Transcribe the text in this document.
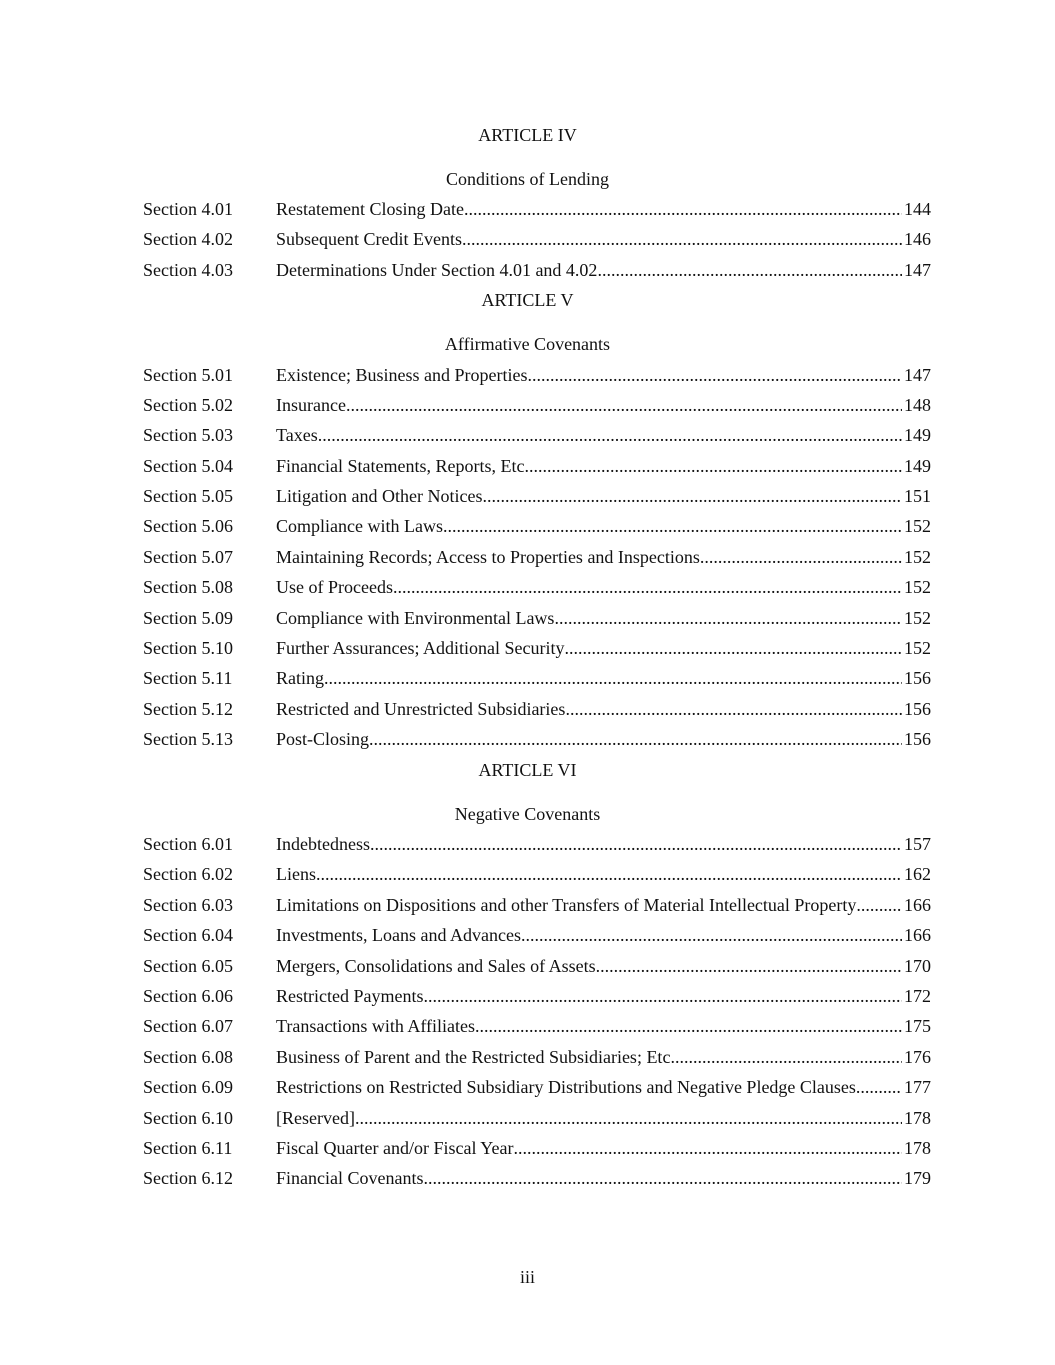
ARTICLE IV
Conditions of Lending
Section 4.01 Restatement Closing Date .....	144
Section 4.02 Subsequent Credit Events .....	146
Section 4.03 Determinations Under Section 4.01 and 4.02 .....	147
ARTICLE V
Affirmative Covenants
Section 5.01 Existence; Business and Properties .....	147
Section 5.02 Insurance .....	148
Section 5.03 Taxes .....	149
Section 5.04 Financial Statements, Reports, Etc. .....	149
Section 5.05 Litigation and Other Notices .....	151
Section 5.06 Compliance with Laws. .....	152
Section 5.07 Maintaining Records; Access to Properties and Inspections .....	152
Section 5.08 Use of Proceeds. .....	152
Section 5.09 Compliance with Environmental Laws .....	152
Section 5.10 Further Assurances; Additional Security .....	152
Section 5.11 Rating .....	156
Section 5.12 Restricted and Unrestricted Subsidiaries .....	156
Section 5.13 Post-Closing .....	156
ARTICLE VI
Negative Covenants
Section 6.01 Indebtedness .....	157
Section 6.02 Liens .....	162
Section 6.03 Limitations on Dispositions and other Transfers of Material Intellectual Property .....	166
Section 6.04 Investments, Loans and Advances .....	166
Section 6.05 Mergers, Consolidations and Sales of Assets .....	170
Section 6.06 Restricted Payments .....	172
Section 6.07 Transactions with Affiliates .....	175
Section 6.08 Business of Parent and the Restricted Subsidiaries; Etc .....	176
Section 6.09 Restrictions on Restricted Subsidiary Distributions and Negative Pledge Clauses .....	177
Section 6.10 [Reserved] .....	178
Section 6.11 Fiscal Quarter and/or Fiscal Year .....	178
Section 6.12 Financial Covenants .....	179
iii
